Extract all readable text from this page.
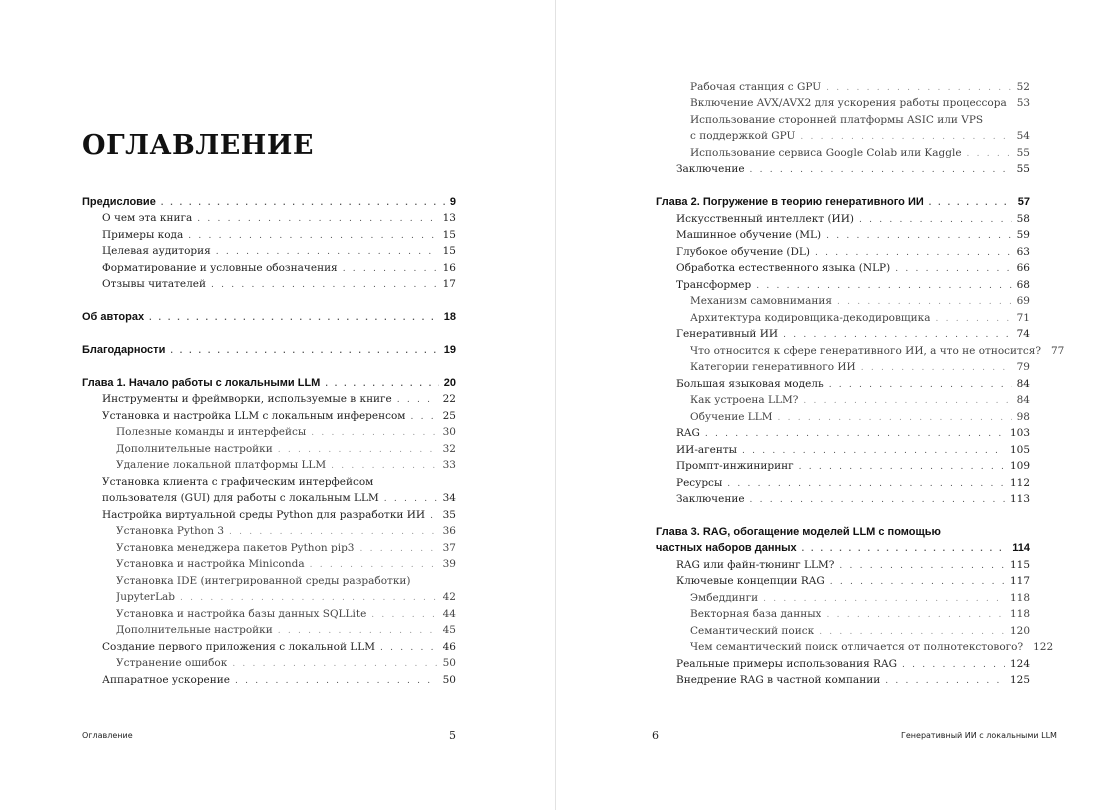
ОГЛАВЛЕНИЕ
Предисловие . . .	9
О чем эта книга . . .	13
Примеры кода . . .	15
Целевая аудитория . . .	15
Форматирование и условные обозначения . . .	16
Отзывы читателей . . .	17
Об авторах . . .	18
Благодарности . . .	19
Глава 1. Начало работы с локальными LLM . . .	20
Инструменты и фреймворки, используемые в книге . . .	22
Установка и настройка LLM с локальным инференсом . . .	25
Полезные команды и интерфейсы . . .	30
Дополнительные настройки . . .	32
Удаление локальной платформы LLM . . .	33
Установка клиента с графическим интерфейсом
пользователя (GUI) для работы с локальным LLM . . .	34
Настройка виртуальной среды Python для разработки ИИ . . . 35
Установка Python 3 . . .	36
Установка менеджера пакетов Python pip3 . . .	37
Установка и настройка Miniconda . . .	39
Установка IDE (интегрированной среды разработки)
JupyterLab . . .	42
Установка и настройка базы данных SQLLite . . .	44
Дополнительные настройки . . .	45
Создание первого приложения с локальной LLM . . .	46
Устранение ошибок . . .	50
Аппаратное ускорение . . .	50
Оглавление	5
Рабочая станция с GPU . . .	52
Включение AVX/AVX2 для ускорения работы процессора 53
Использование сторонней платформы ASIC или VPS
с поддержкой GPU . . .	54
Использование сервиса Google Colab или Kaggle . . .	55
Заключение . . .	55
Глава 2. Погружение в теорию генеративного ИИ . . .	57
Искусственный интеллект (ИИ) . . .	58
Машинное обучение (ML) . . .	59
Глубокое обучение (DL) . . .	63
Обработка естественного языка (NLP) . . .	66
Трансформер . . .	68
Механизм самовнимания . . .	69
Архитектура кодировщика-декодировщика . . .	71
Генеративный ИИ . . .	74
Что относится к сфере генеративного ИИ, а что не относится? 77
Категории генеративного ИИ . . .	79
Большая языковая модель . . .	84
Как устроена LLM? . . .	84
Обучение LLM . . .	98
RAG . . .	103
ИИ-агенты . . .	105
Промпт-инжиниринг . . .	109
Ресурсы . . .	112
Заключение . . .	113
Глава 3. RAG, обогащение моделей LLM с помощью
частных наборов данных . . .	114
RAG или файн-тюнинг LLM? . . .	115
Ключевые концепции RAG . . .	117
Эмбеддинги . . .	118
Векторная база данных . . .	118
Семантический поиск . . .	120
Чем семантический поиск отличается от полнотекстового? 122
Реальные примеры использования RAG . . .	124
Внедрение RAG в частной компании . . .	125
6	Генеративный ИИ с локальными LLM
